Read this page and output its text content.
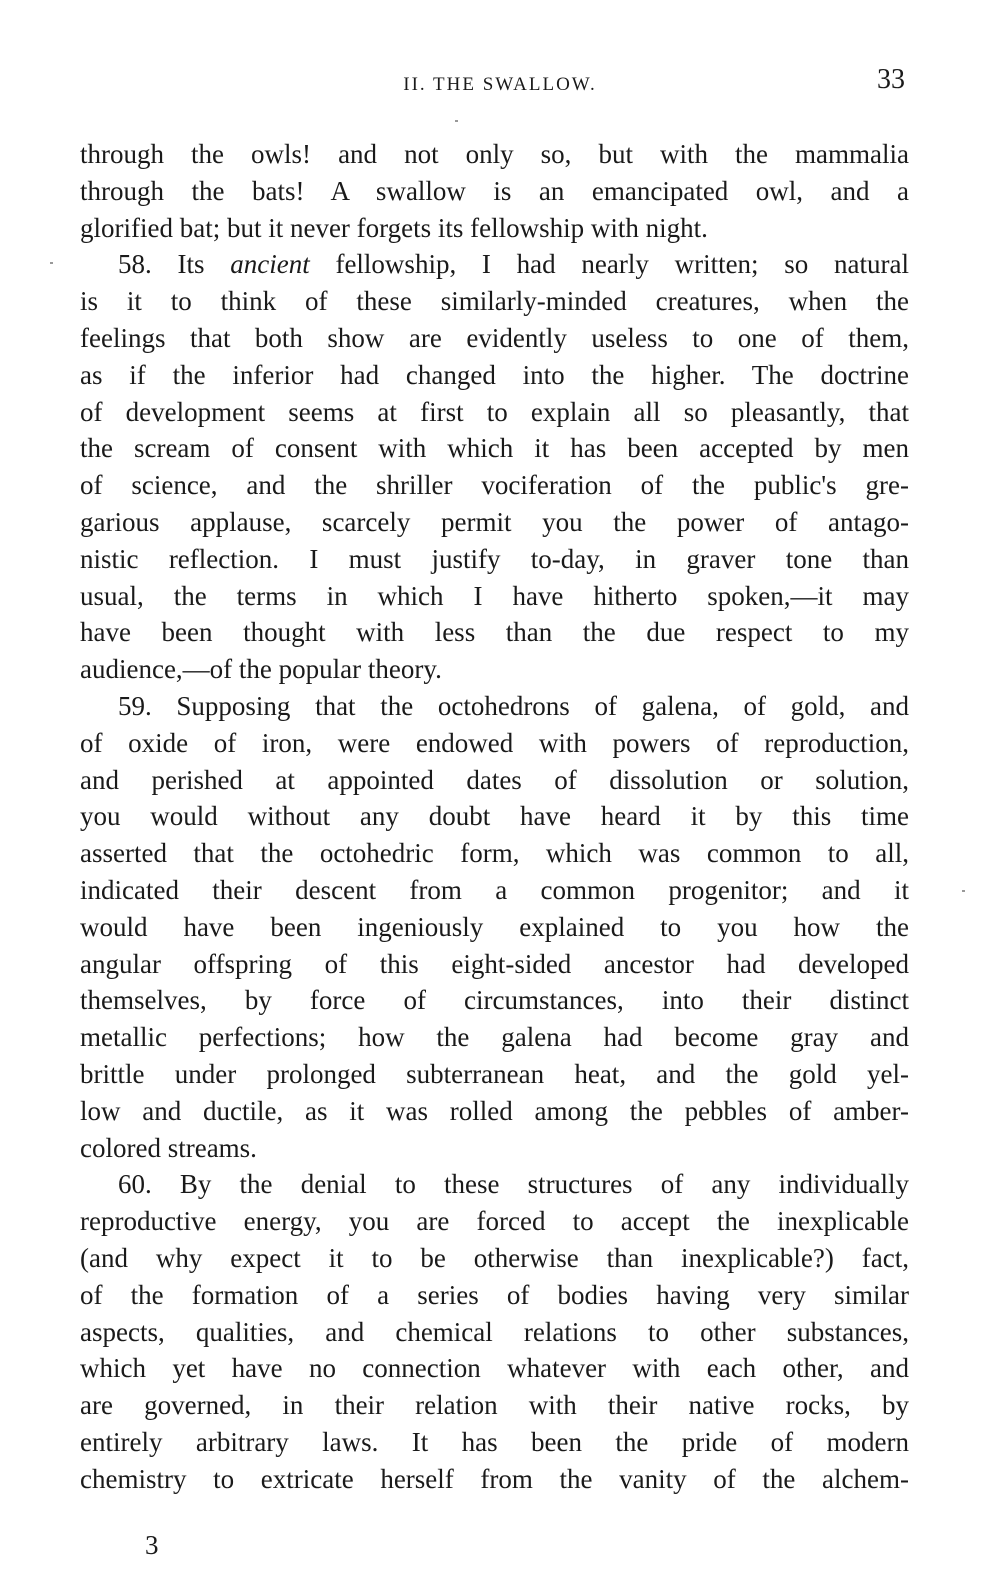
II. THE SWALLOW.	33
through the owls! and not only so, but with the mammalia
through the bats! A swallow is an emancipated owl, and a
glorified bat; but it never forgets its fellowship with night.
58. Its ancient fellowship, I had nearly written; so natural
is it to think of these similarly-minded creatures, when the
feelings that both show are evidently useless to one of them,
as if the inferior had changed into the higher. The doctrine
of development seems at first to explain all so pleasantly, that
the scream of consent with which it has been accepted by men
of science, and the shriller vociferation of the public's gre-
garious applause, scarcely permit you the power of antago-
nistic reflection. I must justify to-day, in graver tone than
usual, the terms in which I have hitherto spoken,—it may
have been thought with less than the due respect to my
audience,—of the popular theory.
59. Supposing that the octohedrons of galena, of gold, and
of oxide of iron, were endowed with powers of reproduction,
and perished at appointed dates of dissolution or solution,
you would without any doubt have heard it by this time
asserted that the octohedric form, which was common to all,
indicated their descent from a common progenitor; and it
would have been ingeniously explained to you how the
angular offspring of this eight-sided ancestor had developed
themselves, by force of circumstances, into their distinct
metallic perfections; how the galena had become gray and
brittle under prolonged subterranean heat, and the gold yel-
low and ductile, as it was rolled among the pebbles of amber-
colored streams.
60. By the denial to these structures of any individually
reproductive energy, you are forced to accept the inexplicable
(and why expect it to be otherwise than inexplicable?) fact,
of the formation of a series of bodies having very similar
aspects, qualities, and chemical relations to other substances,
which yet have no connection whatever with each other, and
are governed, in their relation with their native rocks, by
entirely arbitrary laws. It has been the pride of modern
chemistry to extricate herself from the vanity of the alchem-
3
